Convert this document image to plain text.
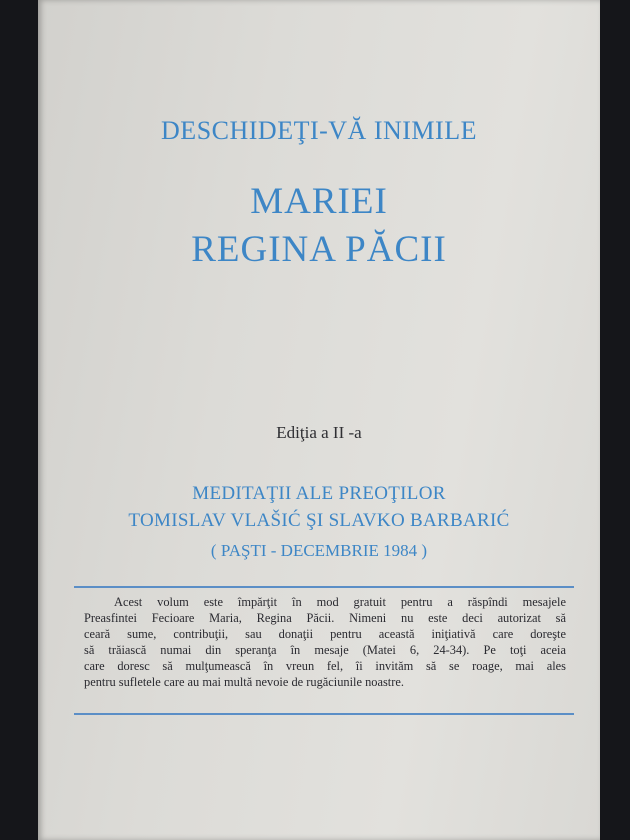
DESCHIDEŢI-VĂ INIMILE
MARIEI
REGINA PĂCII
Ediţia a II -a
MEDITAŢII ALE PREOŢILOR
TOMISLAV VLAŠIĆ ŞI SLAVKO BARBARIĆ
( PAŞTI - DECEMBRIE 1984 )
Acest volum este împărţit în mod gratuit pentru a răspîndi mesajele
Preasfintei Fecioare Maria, Regina Păcii. Nimeni nu este deci autorizat să
ceară sume, contribuţii, sau donaţii pentru această iniţiativă care doreşte
să trăiască numai din speranţa în mesaje (Matei 6, 24-34). Pe toţi aceia
care doresc să mulţumească în vreun fel, îi invităm să se roage, mai ales
pentru sufletele care au mai multă nevoie de rugăciunile noastre.
